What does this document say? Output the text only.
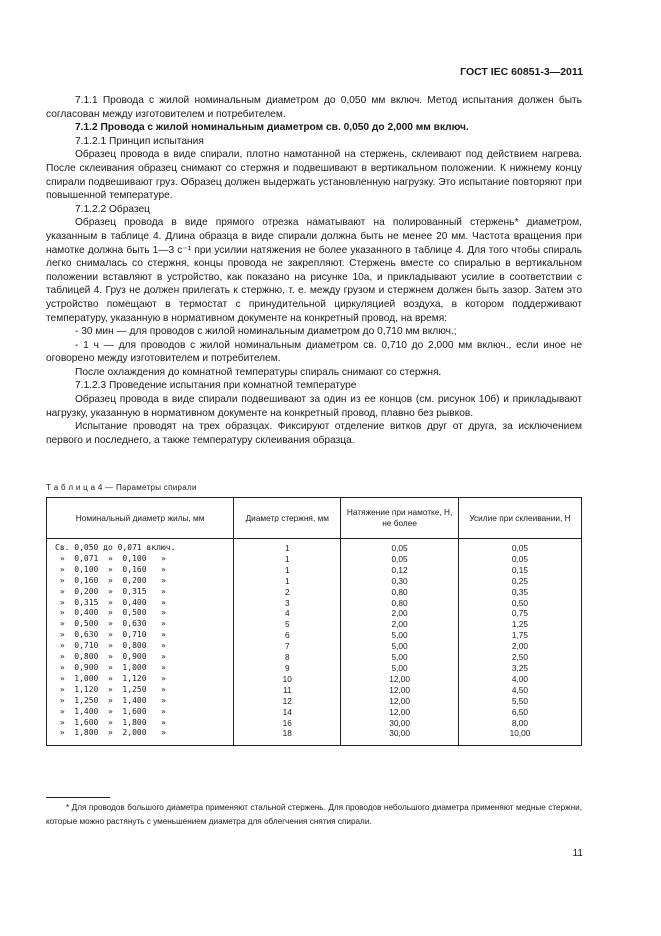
ГОСТ IEC 60851-3—2011

7.1.1 Провода с жилой номинальным диаметром до 0,050 мм включ. Метод испытания должен быть согласован между изготовителем и потребителем.

7.1.2 Провода с жилой номинальным диаметром св. 0,050 до 2,000 мм включ.

7.1.2.1 Принцип испытания

Образец провода в виде спирали, плотно намотанной на стержень, склеивают под действием нагрева. После склеивания образец снимают со стержня и подвешивают в вертикальном положении. К нижнему концу спирали подвешивают груз. Образец должен выдержать установленную нагрузку. Это испытание повторяют при повышенной температуре.

7.1.2.2 Образец

Образец провода в виде прямого отрезка наматывают на полированный стержень* диаметром, указанным в таблице 4. Длина образца в виде спирали должна быть не менее 20 мм. Частота вращения при намотке должна быть 1—3 с⁻¹ при усилии натяжения не более указанного в таблице 4. Для того чтобы спираль легко снималась со стержня, концы провода не закрепляют. Стержень вместе со спиралью в вертикальном положении вставляют в устройство, как показано на рисунке 10а, и прикладывают усилие в соответствии с таблицей 4. Груз не должен прилегать к стержню, т. е. между грузом и стержнем должен быть зазор. Затем это устройство помещают в термостат с принудительной циркуляцией воздуха, в котором поддерживают температуру, указанную в нормативном документе на конкретный провод, на время:

- 30 мин — для проводов с жилой номинальным диаметром до 0,710 мм включ.;

- 1 ч — для проводов с жилой номинальным диаметром св. 0,710 до 2,000 мм включ., если иное не оговорено между изготовителем и потребителем.

После охлаждения до комнатной температуры спираль снимают со стержня.

7.1.2.3 Проведение испытания при комнатной температуре

Образец провода в виде спирали подвешивают за один из ее концов (см. рисунок 10б) и прикладывают нагрузку, указанную в нормативном документе на конкретный провод, плавно без рывков.

Испытание проводят на трех образцах. Фиксируют отделение витков друг от друга, за исключением первого и последнего, а также температуру склеивания образца.

Т а б л и ц а 4 — Параметры спирали
Номинальный диаметр жилы, мм	Диаметр стержня, мм	Натяжение при намотке, Н, не более	Усилие при склеивании, Н
Св. 0,050 до 0,071 включ.	1	0,05	0,05
»  0,071  »  0,100   »	1	0,05	0,05
»  0,100  »  0,160   »	1	0,12	0,15
»  0,160  »  0,200   »	1	0,30	0,25
»  0,200  »  0,315   »	2	0,80	0,35
»  0,315  »  0,400   »	3	0,80	0,50
»  0,400  »  0,500   »	4	2,00	0,75
»  0,500  »  0,630   »	5	2,00	1,25
»  0,630  »  0,710   »	6	5,00	1,75
»  0,710  »  0,800   »	7	5,00	2,00
»  0,800  »  0,900   »	8	5,00	2,50
»  0,900  »  1,000   »	9	5,00	3,25
»  1,000  »  1,120   »	10	12,00	4,00
»  1,120  »  1,250   »	11	12,00	4,50
»  1,250  »  1,400   »	12	12,00	5,50
»  1,400  »  1,600   »	14	12,00	6,50
»  1,600  »  1,800   »	16	30,00	8,00
»  1,800  »  2,000   »	18	30,00	10,00
* Для проводов большого диаметра применяют стальной стержень. Для проводов небольшого диаметра применяют медные стержни, которые можно растянуть с уменьшением диаметра для облегчения снятия спирали.
11
